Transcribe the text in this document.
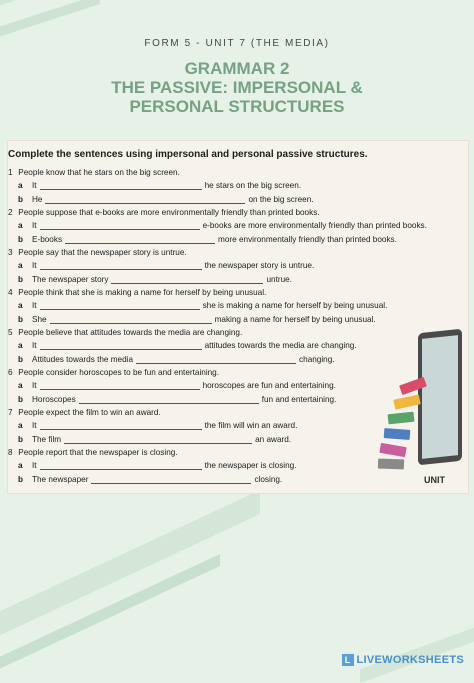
FORM 5 - UNIT 7 (THE MEDIA)
GRAMMAR 2
THE PASSIVE: IMPERSONAL &
PERSONAL STRUCTURES
Complete the sentences using impersonal and personal passive structures.
UNIT
1 People know that he stars on the big screen.
a	It	he stars on the big screen.
b	He	on the big screen.
2 People suppose that e-books are more environmentally friendly than printed books.
a	It	e-books are more environmentally friendly than printed books.
b	E-books	more environmentally friendly than printed books.
3 People say that the newspaper story is untrue.
a	It	the newspaper story is untrue.
b	The newspaper story	untrue.
4 People think that she is making a name for herself by being unusual.
a	It	she is making a name for herself by being unusual.
b	She	making a name for herself by being unusual.
5 People believe that attitudes towards the media are changing.
a	It	attitudes towards the media are changing.
b	Attitudes towards the media	changing.
6 People consider horoscopes to be fun and entertaining.
a	It	horoscopes are fun and entertaining.
b	Horoscopes	fun and entertaining.
7 People expect the film to win an award.
a	It	the film will win an award.
b	The film	an award.
8 People report that the newspaper is closing.
a	It	the newspaper is closing.
b	The newspaper	closing.
L LIVEWORKSHEETS
